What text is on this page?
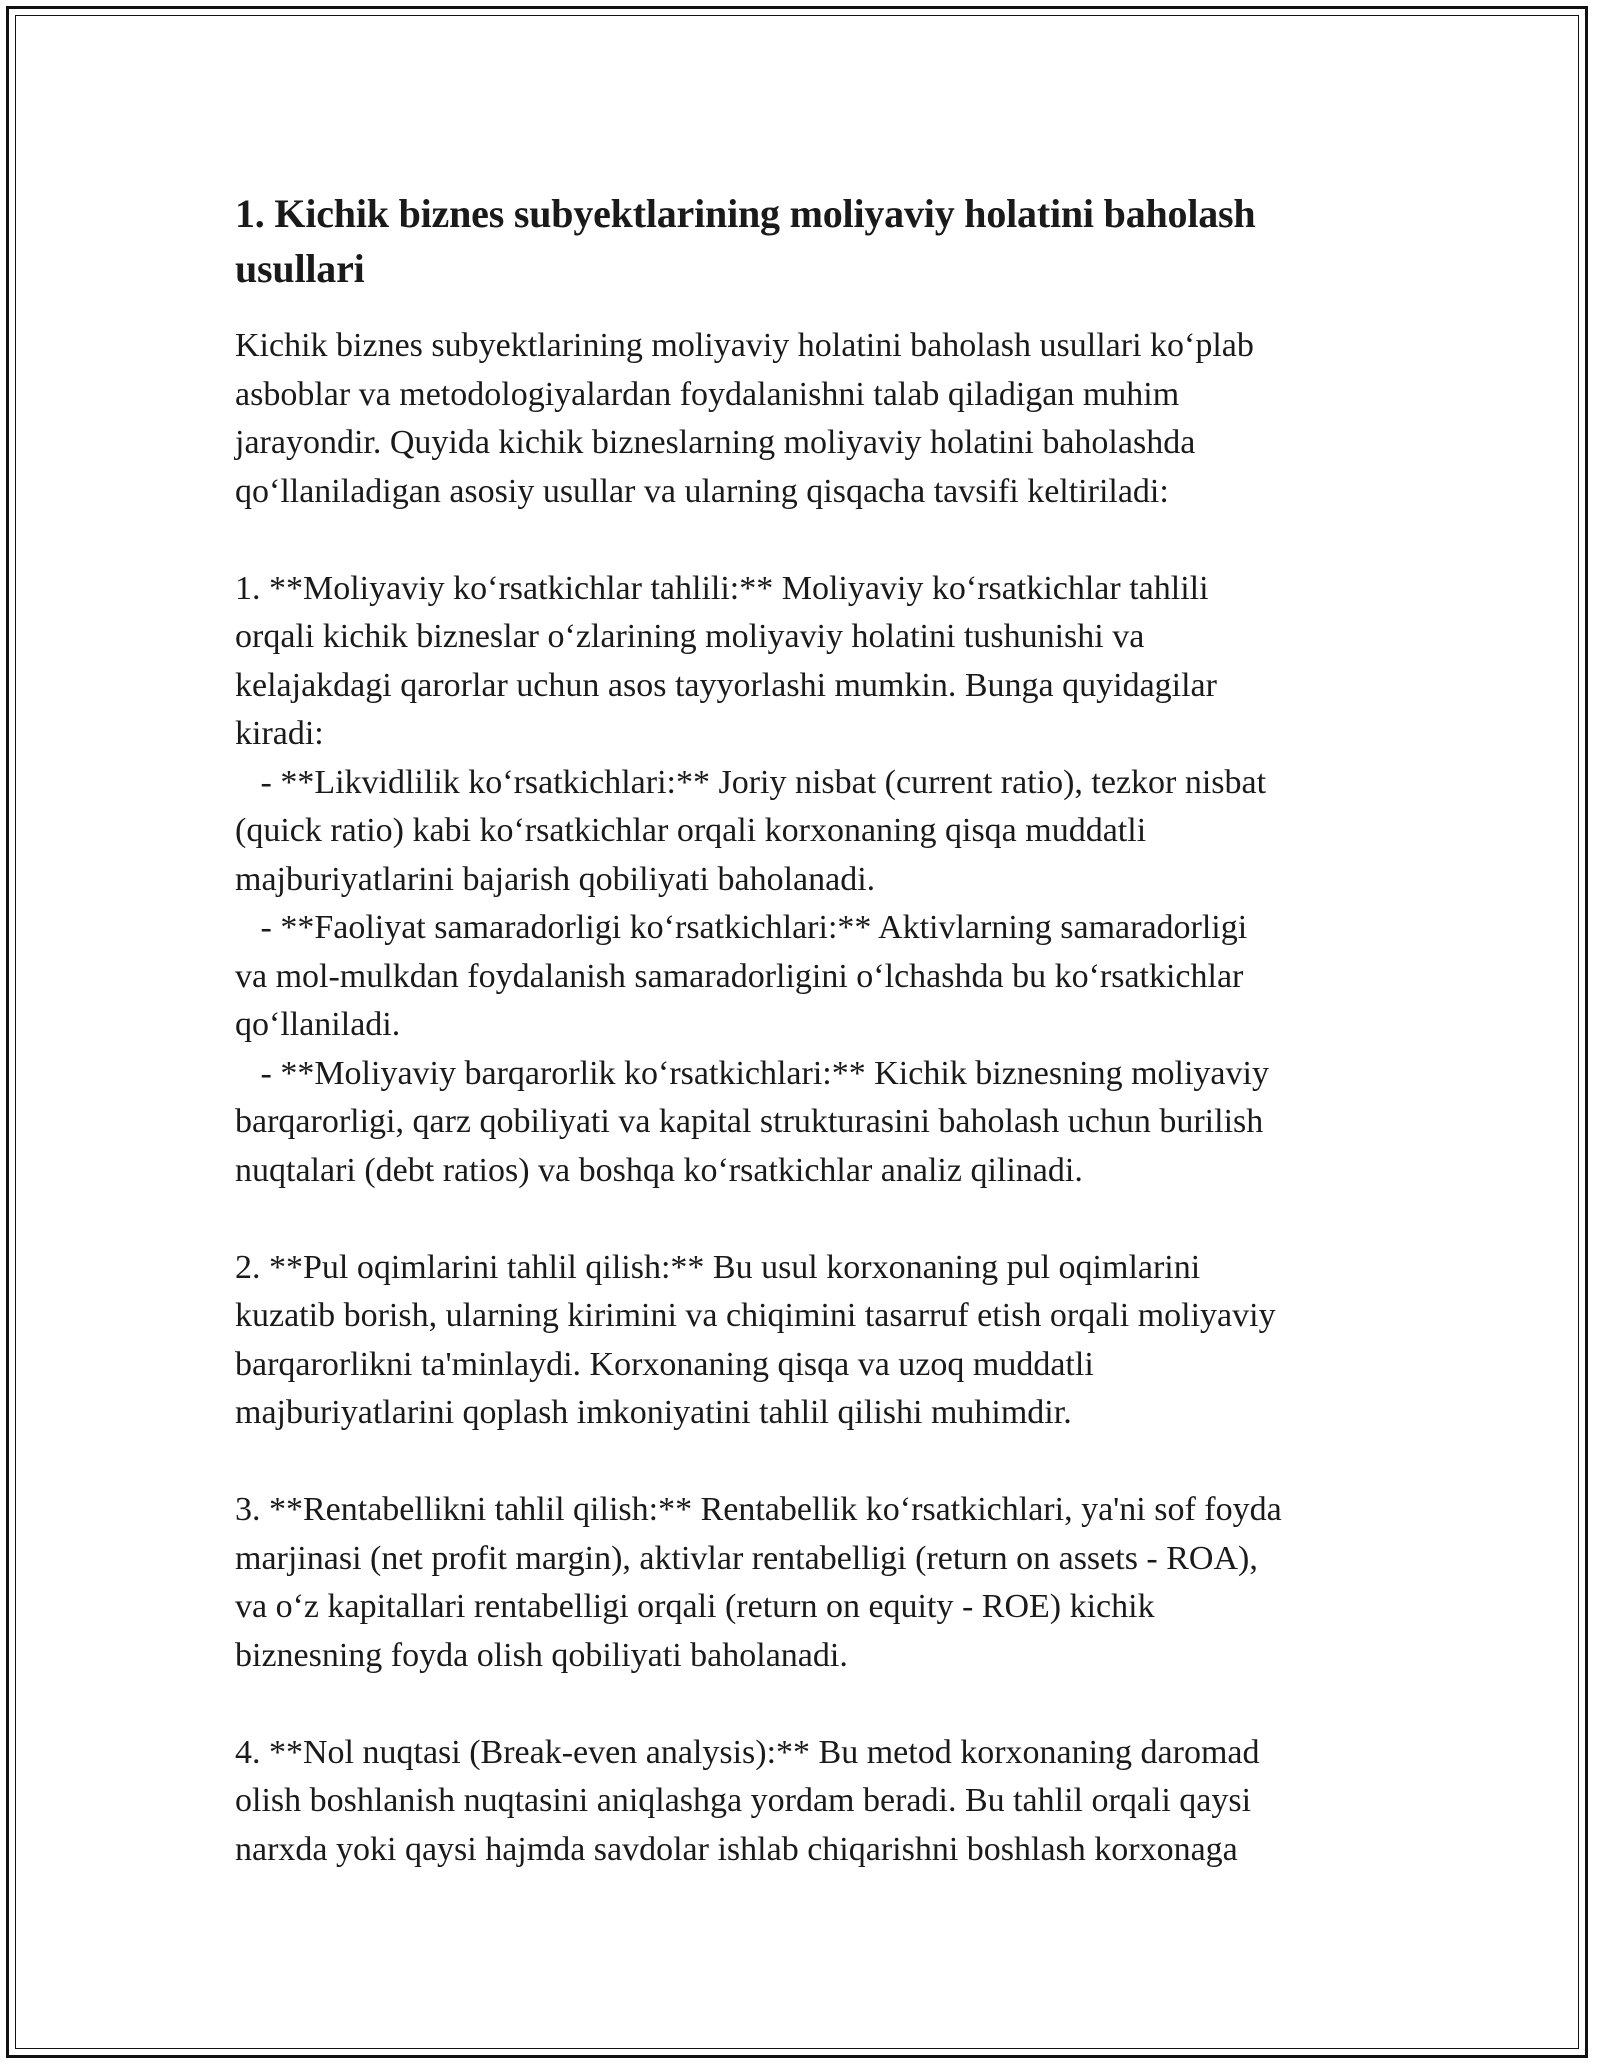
1. Kichik biznes subyektlarining moliyaviy holatini baholash
usullari
Kichik biznes subyektlarining moliyaviy holatini baholash usullari ko‘plab
asboblar va metodologiyalardan foydalanishni talab qiladigan muhim
jarayondir. Quyida kichik bizneslarning moliyaviy holatini baholashda
qo‘llaniladigan asosiy usullar va ularning qisqacha tavsifi keltiriladi:
1. **Moliyaviy ko‘rsatkichlar tahlili:** Moliyaviy ko‘rsatkichlar tahlili
orqali kichik bizneslar o‘zlarining moliyaviy holatini tushunishi va
kelajakdagi qarorlar uchun asos tayyorlashi mumkin. Bunga quyidagilar
kiradi:
- **Likvidlilik ko‘rsatkichlari:** Joriy nisbat (current ratio), tezkor nisbat
(quick ratio) kabi ko‘rsatkichlar orqali korxonaning qisqa muddatli
majburiyatlarini bajarish qobiliyati baholanadi.
- **Faoliyat samaradorligi ko‘rsatkichlari:** Aktivlarning samaradorligi
va mol-mulkdan foydalanish samaradorligini o‘lchashda bu ko‘rsatkichlar
qo‘llaniladi.
- **Moliyaviy barqarorlik ko‘rsatkichlari:** Kichik biznesning moliyaviy
barqarorligi, qarz qobiliyati va kapital strukturasini baholash uchun burilish
nuqtalari (debt ratios) va boshqa ko‘rsatkichlar analiz qilinadi.
2. **Pul oqimlarini tahlil qilish:** Bu usul korxonaning pul oqimlarini
kuzatib borish, ularning kirimini va chiqimini tasarruf etish orqali moliyaviy
barqarorlikni ta'minlaydi. Korxonaning qisqa va uzoq muddatli
majburiyatlarini qoplash imkoniyatini tahlil qilishi muhimdir.
3. **Rentabellikni tahlil qilish:** Rentabellik ko‘rsatkichlari, ya'ni sof foyda
marjinasi (net profit margin), aktivlar rentabelligi (return on assets - ROA),
va o‘z kapitallari rentabelligi orqali (return on equity - ROE) kichik
biznesning foyda olish qobiliyati baholanadi.
4. **Nol nuqtasi (Break-even analysis):** Bu metod korxonaning daromad
olish boshlanish nuqtasini aniqlashga yordam beradi. Bu tahlil orqali qaysi
narxda yoki qaysi hajmda savdolar ishlab chiqarishni boshlash korxonaga
